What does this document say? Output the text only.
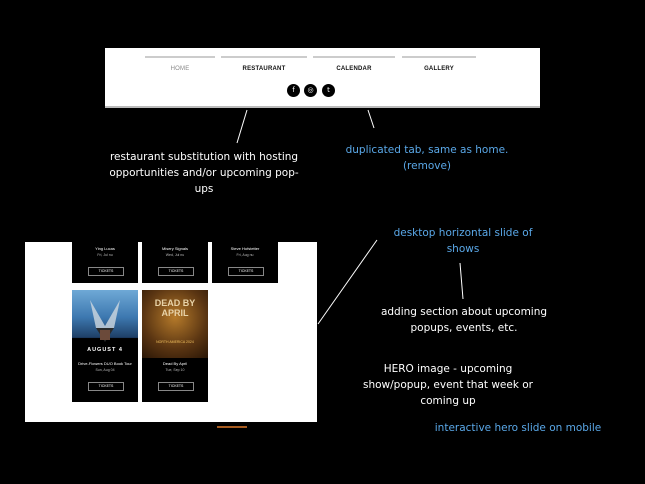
HOME	RESTAURANT	CALENDAR	GALLERY
f	◎	t
restaurant substitution with hosting
opportunities and/or upcoming pop-
ups
duplicated tab, same as home.
(remove)
desktop horizontal slide of
shows
adding section about upcoming
popups, events, etc.
HERO image - upcoming
show/popup, event that week or
coming up
interactive hero slide on mobile
Ying Lucas
Fri, Jul nu
TICKETS
Misery Signals
Wed, Jul nu
TICKETS
Steve Hofstetter
Fri, Aug nu
TICKETS
AUGUST 4
Drive-Flowers DUO Book Tour
Sun, Aug 04
TICKETS
DEAD BY APRIL
NORTH AMERICA 2024
Dead By April
Tue, Sep 10
TICKETS
